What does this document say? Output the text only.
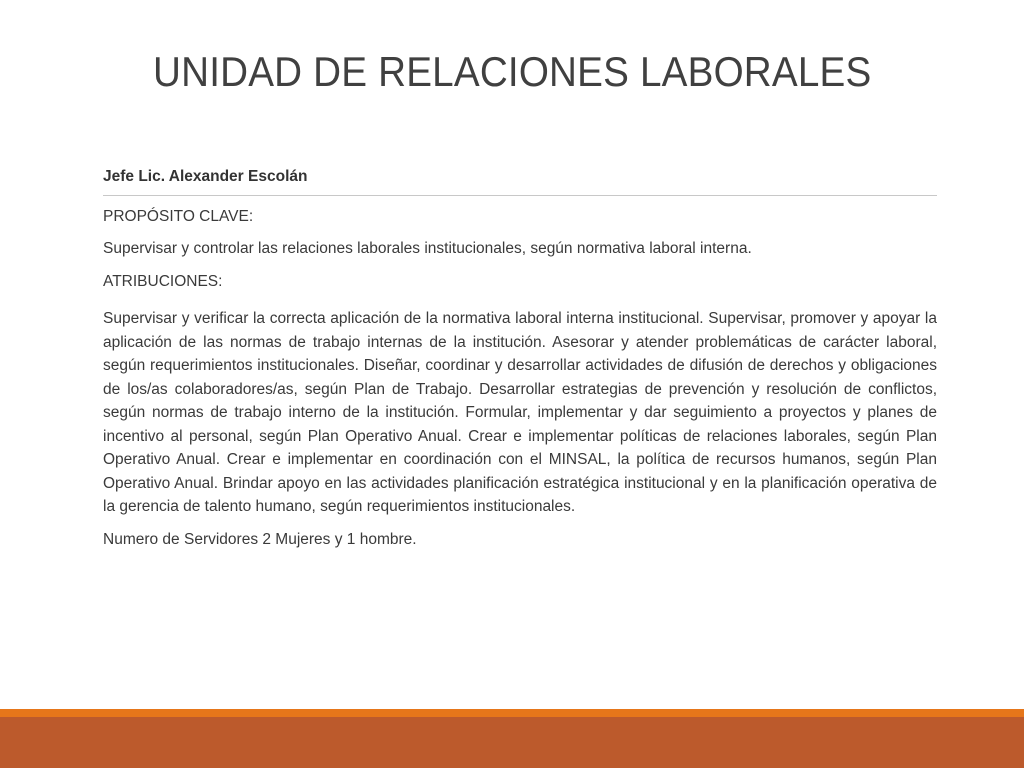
UNIDAD DE RELACIONES LABORALES
Jefe Lic. Alexander Escolán

PROPÓSITO CLAVE:

Supervisar y controlar las relaciones laborales institucionales, según normativa laboral interna.

ATRIBUCIONES:

Supervisar y verificar la correcta aplicación de la normativa laboral interna institucional. Supervisar, promover y apoyar la aplicación de las normas de trabajo internas de la institución. Asesorar y atender problemáticas de carácter laboral, según requerimientos institucionales. Diseñar, coordinar y desarrollar actividades de difusión de derechos y obligaciones de los/as colaboradores/as, según Plan de Trabajo. Desarrollar estrategias de prevención y resolución de conflictos, según normas de trabajo interno de la institución. Formular, implementar y dar seguimiento a proyectos y planes de incentivo al personal, según Plan Operativo Anual. Crear e implementar políticas de relaciones laborales, según Plan Operativo Anual. Crear e implementar en coordinación con el MINSAL, la política de recursos humanos, según Plan Operativo Anual. Brindar apoyo en las actividades planificación estratégica institucional y en la planificación operativa de la gerencia de talento humano, según requerimientos institucionales.

Numero de Servidores 2 Mujeres y 1 hombre.
